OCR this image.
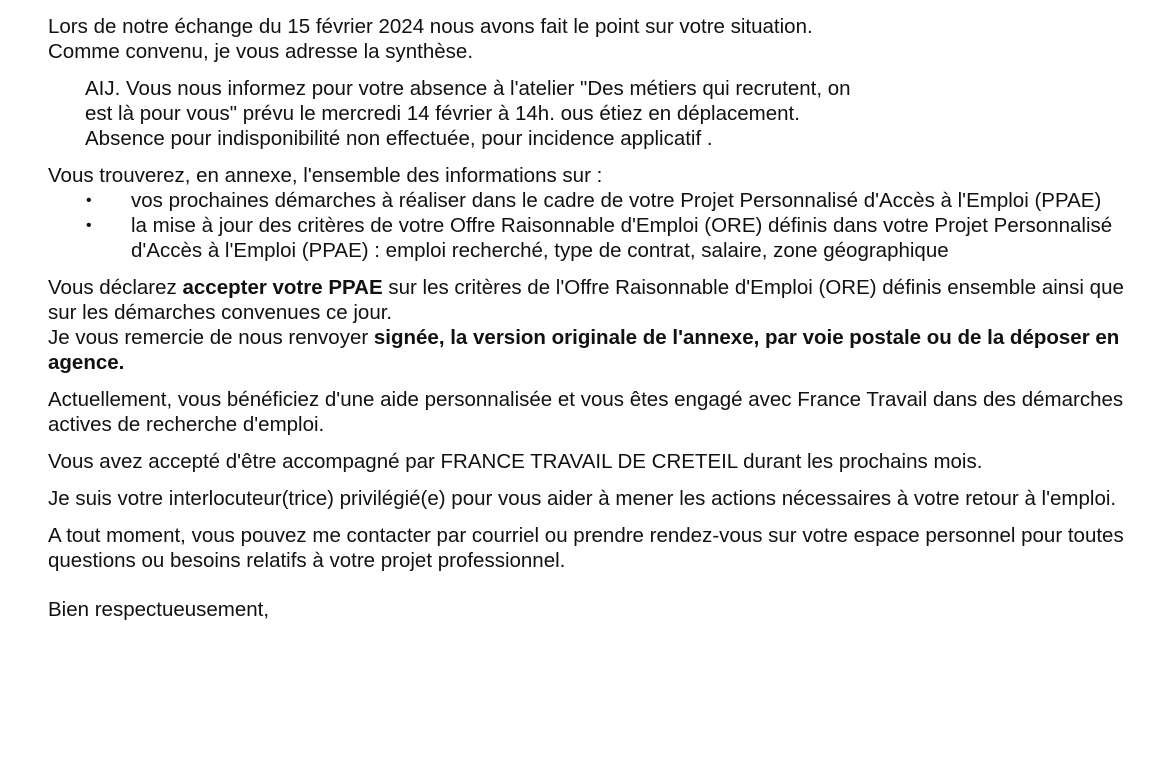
Lors de notre échange du 15 février 2024 nous avons fait le point sur votre situation.

Comme convenu, je vous adresse la synthèse.

AIJ. Vous nous informez pour votre absence à l'atelier "Des métiers qui recrutent, on est là pour vous" prévu le mercredi 14 février à 14h. ous étiez en déplacement. Absence pour indisponibilité non effectuée, pour incidence applicatif .

Vous trouverez, en annexe, l'ensemble des informations sur :

• vos prochaines démarches à réaliser dans le cadre de votre Projet Personnalisé d'Accès à l'Emploi (PPAE)
• la mise à jour des critères de votre Offre Raisonnable d'Emploi (ORE) définis dans votre Projet Personnalisé d'Accès à l'Emploi (PPAE) : emploi recherché, type de contrat, salaire, zone géographique

Vous déclarez accepter votre PPAE sur les critères de l'Offre Raisonnable d'Emploi (ORE) définis ensemble ainsi que sur les démarches convenues ce jour.

Je vous remercie de nous renvoyer signée, la version originale de l'annexe, par voie postale ou de la déposer en agence.

Actuellement, vous bénéficiez d'une aide personnalisée et vous êtes engagé avec France Travail dans des démarches actives de recherche d'emploi.

Vous avez accepté d'être accompagné par FRANCE TRAVAIL DE CRETEIL durant les prochains mois.

Je suis votre interlocuteur(trice) privilégié(e) pour vous aider à mener les actions nécessaires à votre retour à l'emploi.

A tout moment, vous pouvez me contacter par courriel ou prendre rendez-vous sur votre espace personnel pour toutes questions ou besoins relatifs à votre projet professionnel.

Bien respectueusement,
